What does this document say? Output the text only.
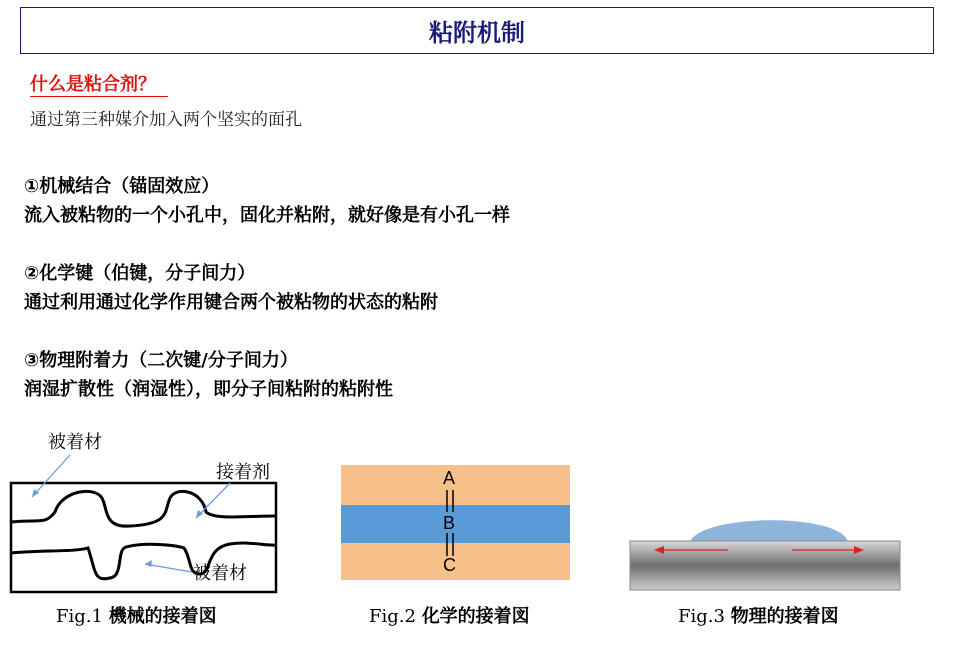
粘附机制
什么是粘合剂？
通过第三种媒介加入两个坚实的面孔
①机械结合（锚固效应）
流入被粘物的一个小孔中，固化并粘附，就好像是有小孔一样
②化学键（伯键，分子间力）
通过利用通过化学作用键合两个被粘物的状态的粘附
③物理附着力（二次键/分子间力）
润湿扩散性（润湿性），即分子间粘附的粘附性
被着材
接着剂
被着材
A
B
C
Fig.1 機械的接着図	Fig.2 化学的接着図	Fig.3 物理的接着図
